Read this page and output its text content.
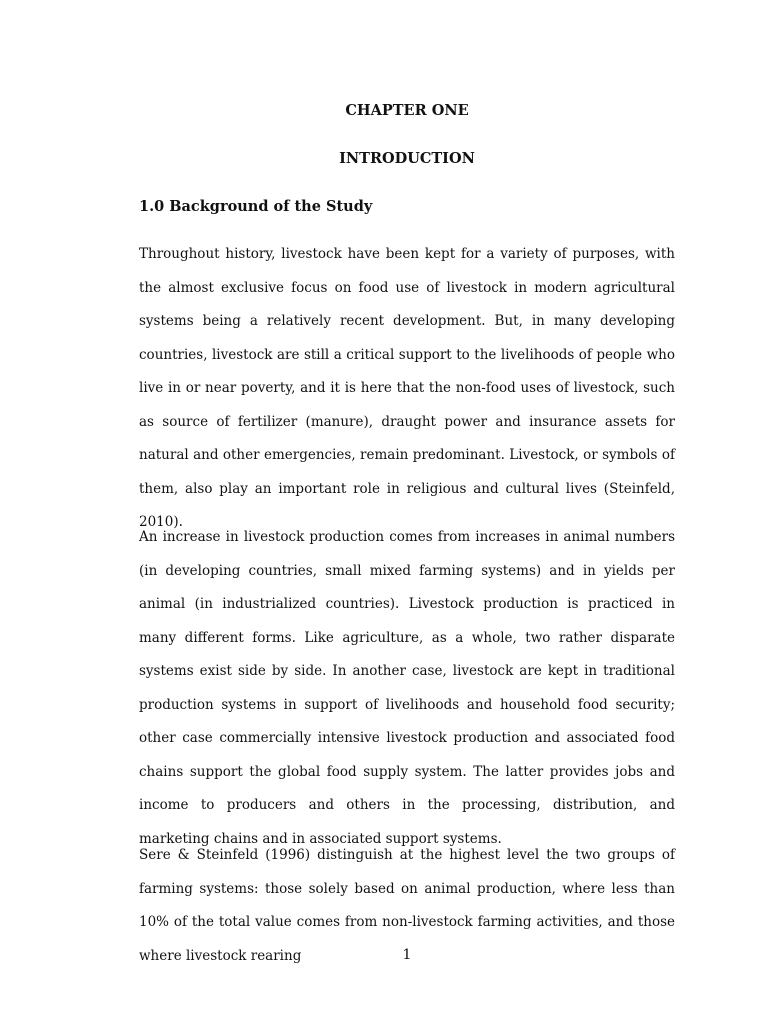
CHAPTER ONE
INTRODUCTION
1.0 Background of the Study

Throughout history, livestock have been kept for a variety of purposes, with the almost exclusive focus on food use of livestock in modern agricultural systems being a relatively recent development. But, in many developing countries, livestock are still a critical support to the livelihoods of people who live in or near poverty, and it is here that the non-food uses of livestock, such as source of fertilizer (manure), draught power and insurance assets for natural and other emergencies, remain predominant. Livestock, or symbols of them, also play an important role in religious and cultural lives (Steinfeld, 2010).

An increase in livestock production comes from increases in animal numbers (in developing countries, small mixed farming systems) and in yields per animal (in industrialized countries). Livestock production is practiced in many different forms. Like agriculture, as a whole, two rather disparate systems exist side by side. In another case, livestock are kept in traditional production systems in support of livelihoods and household food security; other case commercially intensive livestock production and associated food chains support the global food supply system. The latter provides jobs and income to producers and others in the processing, distribution, and marketing chains and in associated support systems.

Sere & Steinfeld (1996) distinguish at the highest level the two groups of farming systems: those solely based on animal production, where less than 10% of the total value comes from non-livestock farming activities, and those where livestock rearing	1
